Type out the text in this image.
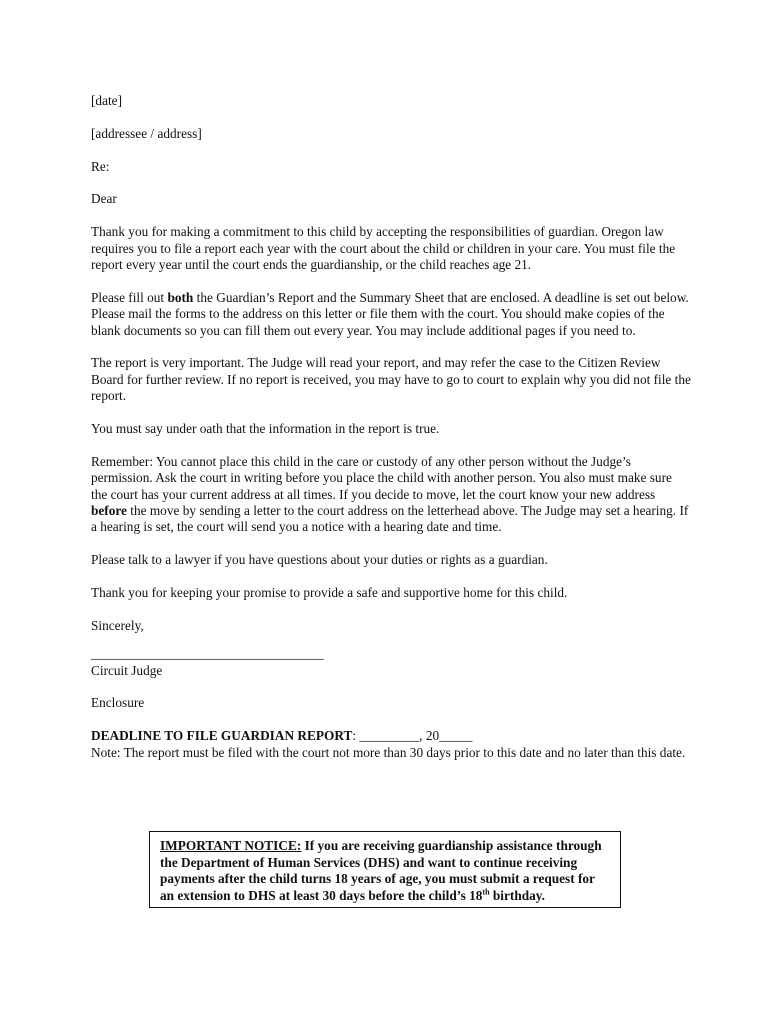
[date]

[addressee / address]

Re:

Dear

Thank you for making a commitment to this child by accepting the responsibilities of guardian. Oregon law requires you to file a report each year with the court about the child or children in your care. You must file the report every year until the court ends the guardianship, or the child reaches age 21.

Please fill out both the Guardian’s Report and the Summary Sheet that are enclosed. A deadline is set out below. Please mail the forms to the address on this letter or file them with the court. You should make copies of the blank documents so you can fill them out every year. You may include additional pages if you need to.

The report is very important. The Judge will read your report, and may refer the case to the Citizen Review Board for further review. If no report is received, you may have to go to court to explain why you did not file the report.

You must say under oath that the information in the report is true.

Remember: You cannot place this child in the care or custody of any other person without the Judge’s permission. Ask the court in writing before you place the child with another person. You also must make sure the court has your current address at all times. If you decide to move, let the court know your new address before the move by sending a letter to the court address on the letterhead above. The Judge may set a hearing. If a hearing is set, the court will send you a notice with a hearing date and time.

Please talk to a lawyer if you have questions about your duties or rights as a guardian.

Thank you for keeping your promise to provide a safe and supportive home for this child.

Sincerely,

___________________________________

Circuit Judge

Enclosure

DEADLINE TO FILE GUARDIAN REPORT: _________, 20_____

Note: The report must be filed with the court not more than 30 days prior to this date and no later than this date.

IMPORTANT NOTICE: If you are receiving guardianship assistance through the Department of Human Services (DHS) and want to continue receiving payments after the child turns 18 years of age, you must submit a request for an extension to DHS at least 30 days before the child’s 18th birthday.
